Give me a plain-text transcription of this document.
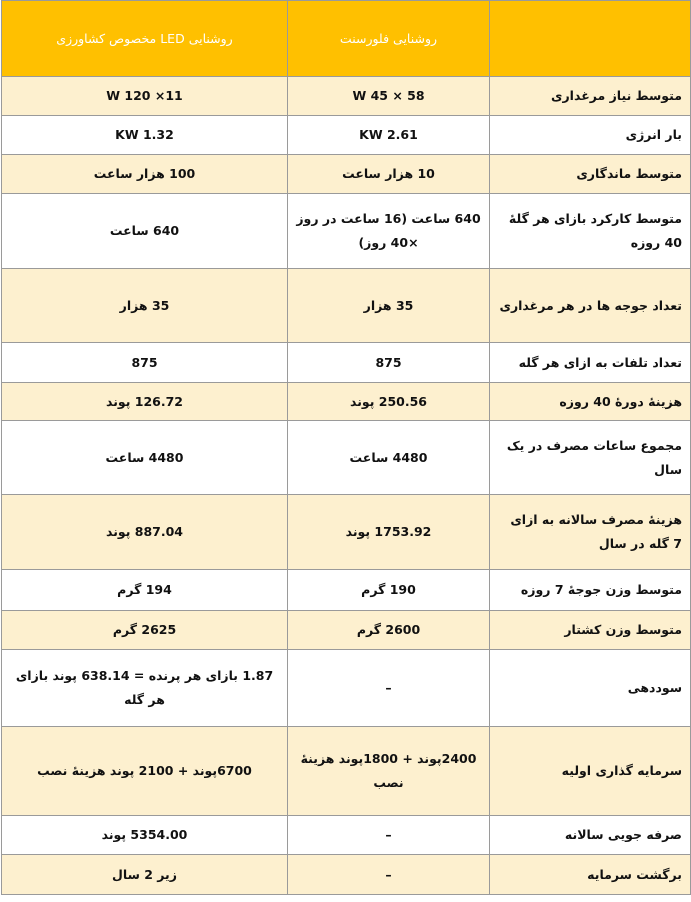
	روشنایی فلورسنت	روشنایی LED مخصوص کشاورزی
متوسط نیاز مرغداری	W 45 × 58	W 120 ×11
بار انرژی	KW 2.61	KW 1.32
متوسط ماندگاری	10 هزار ساعت	100 هزار ساعت
متوسط کارکرد بازای هر گلۀ 40 روزه	640 ساعت (16 ساعت در روز ×40 روز)	640 ساعت
تعداد جوجه ها در هر مرغداری	35 هزار	35 هزار
تعداد تلفات به ازای هر گله	875	875
هزینۀ دورۀ 40 روزه	250.56 پوند	126.72 پوند
مجموع ساعات مصرف در یک سال	4480 ساعت	4480 ساعت
هزینۀ مصرف سالانه به ازای 7 گله در سال	1753.92 پوند	887.04 پوند
متوسط وزن جوجۀ 7 روزه	190 گرم	194 گرم
متوسط وزن کشتار	2600 گرم	2625 گرم
سوددهی	–	1.87 بازای هر پرنده = 638.14 پوند بازای هر گله
سرمایه گذاری اولیه	2400پوند + 1800پوند هزینۀ نصب	6700پوند + 2100 پوند هزینۀ نصب
صرفه جویی سالانه	–	5354.00 پوند
برگشت سرمایه	–	زیر 2 سال
